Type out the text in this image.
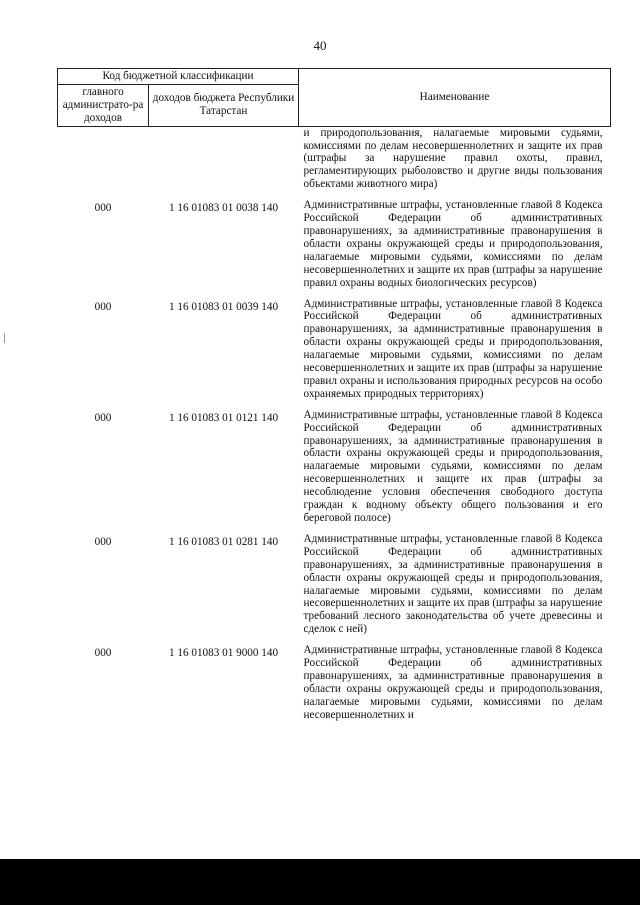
40
Код бюджетной классификации		Наименование
главного администрато-ра доходов	доходов бюджета Республики Татарстан	
		и природопользования, налагаемые мировыми судьями, комиссиями по делам несовершеннолетних и защите их прав (штрафы за нарушение правил охоты, правил, регламентирующих рыболовство и другие виды пользования объектами животного мира)
000	1 16 01083 01 0038 140	Административные штрафы, установленные главой 8 Кодекса Российской Федерации об административных правонарушениях, за административные правонарушения в области охраны окружающей среды и природопользования, налагаемые мировыми судьями, комиссиями по делам несовершеннолетних и защите их прав (штрафы за нарушение правил охраны водных биологических ресурсов)
000	1 16 01083 01 0039 140	Административные штрафы, установленные главой 8 Кодекса Российской Федерации об административных правонарушениях, за административные правонарушения в области охраны окружающей среды и природопользования, налагаемые мировыми судьями, комиссиями по делам несовершеннолетних и защите их прав (штрафы за нарушение правил охраны и использования природных ресурсов на особо охраняемых природных территориях)
000	1 16 01083 01 0121 140	Административные штрафы, установленные главой 8 Кодекса Российской Федерации об административных правонарушениях, за административные правонарушения в области охраны окружающей среды и природопользования, налагаемые мировыми судьями, комиссиями по делам несовершеннолетних и защите их прав (штрафы за несоблюдение условия обеспечения свободного доступа граждан к водному объекту общего пользования и его береговой полосе)
000	1 16 01083 01 0281 140	Административные штрафы, установленные главой 8 Кодекса Российской Федерации об административных правонарушениях, за административные правонарушения в области охраны окружающей среды и природопользования, налагаемые мировыми судьями, комиссиями по делам несовершеннолетних и защите их прав (штрафы за нарушение требований лесного законодательства об учете древесины и сделок с ней)
000	1 16 01083 01 9000 140	Административные штрафы, установленные главой 8 Кодекса Российской Федерации об административных правонарушениях, за административные правонарушения в области охраны окружающей среды и природопользования, налагаемые мировыми судьями, комиссиями по делам несовершеннолетних и
